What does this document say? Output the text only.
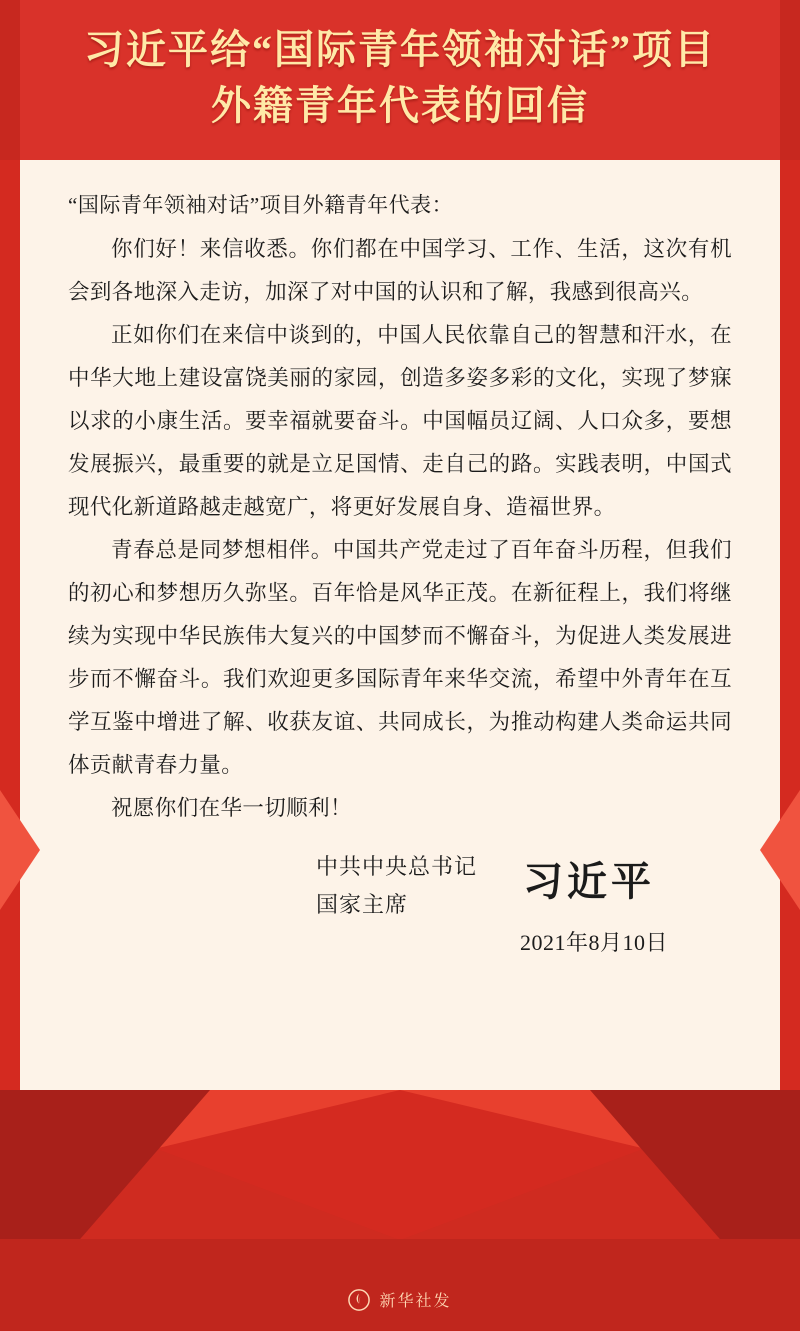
习近平给“国际青年领袖对话”项目
外籍青年代表的回信

“国际青年领袖对话”项目外籍青年代表：

你们好！来信收悉。你们都在中国学习、工作、生活，这次有机会到各地深入走访，加深了对中国的认识和了解，我感到很高兴。

正如你们在来信中谈到的，中国人民依靠自己的智慧和汗水，在中华大地上建设富饶美丽的家园，创造多姿多彩的文化，实现了梦寐以求的小康生活。要幸福就要奋斗。中国幅员辽阔、人口众多，要想发展振兴，最重要的就是立足国情、走自己的路。实践表明，中国式现代化新道路越走越宽广，将更好发展自身、造福世界。

青春总是同梦想相伴。中国共产党走过了百年奋斗历程，但我们的初心和梦想历久弥坚。百年恰是风华正茂。在新征程上，我们将继续为实现中华民族伟大复兴的中国梦而不懈奋斗，为促进人类发展进步而不懈奋斗。我们欢迎更多国际青年来华交流，希望中外青年在互学互鉴中增进了解、收获友谊、共同成长，为推动构建人类命运共同体贡献青春力量。

祝愿你们在华一切顺利！

中共中央总书记
国家主席
习近平
2021年8月10日
新华社发
